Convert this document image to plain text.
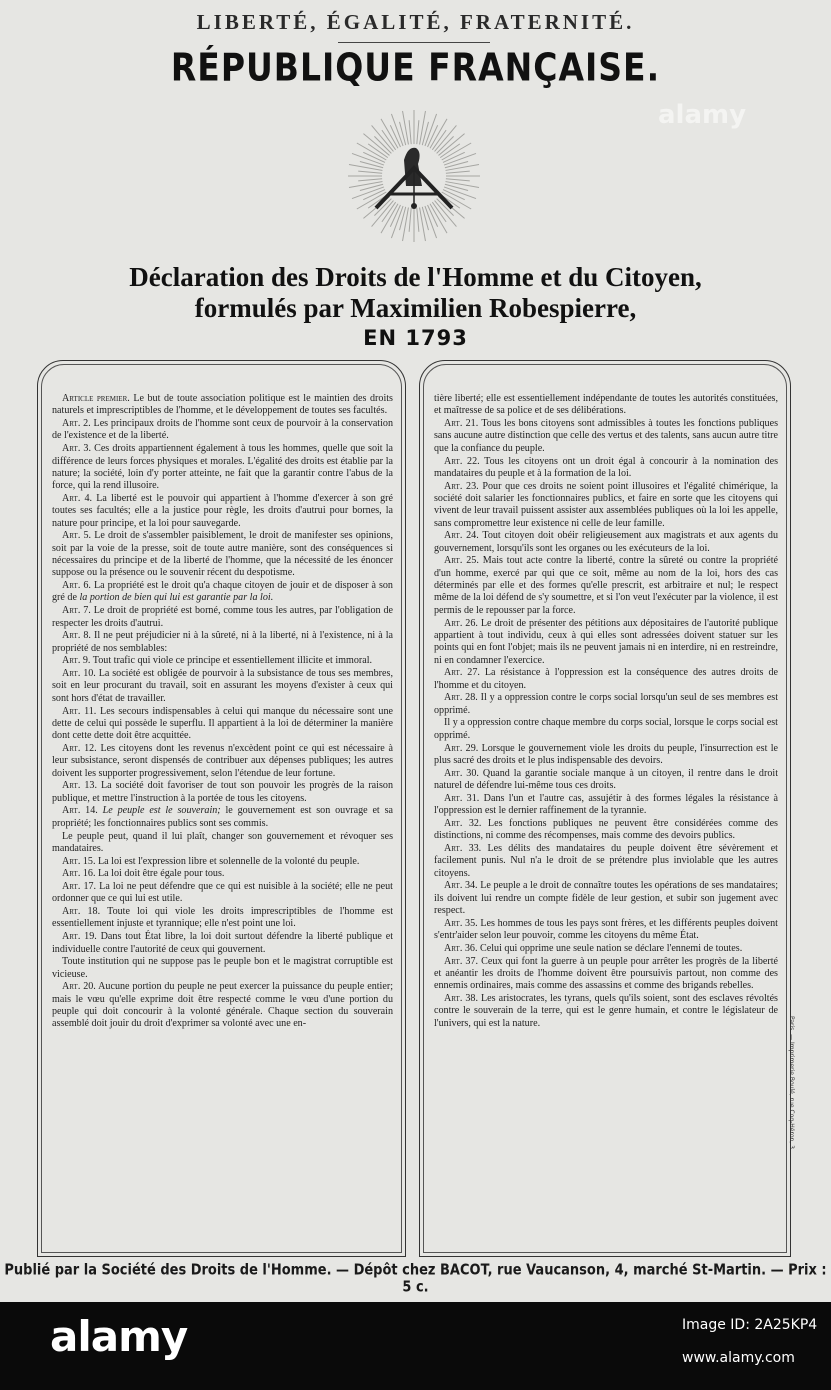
LIBERTÉ, ÉGALITÉ, FRATERNITÉ.
RÉPUBLIQUE FRANÇAISE.
alamy
Déclaration des Droits de l'Homme et du Citoyen,
formulés par Maximilien Robespierre,
EN 1793

Article premier. Le but de toute association politique est le maintien des droits naturels et imprescriptibles de l'homme, et le développement de toutes ses facultés.

Art. 2. Les principaux droits de l'homme sont ceux de pourvoir à la conservation de l'existence et de la liberté.

Art. 3. Ces droits appartiennent également à tous les hommes, quelle que soit la différence de leurs forces physiques et morales. L'égalité des droits est établie par la nature; la société, loin d'y porter atteinte, ne fait que la garantir contre l'abus de la force, qui la rend illusoire.

Art. 4. La liberté est le pouvoir qui appartient à l'homme d'exercer à son gré toutes ses facultés; elle a la justice pour règle, les droits d'autrui pour bornes, la nature pour principe, et la loi pour sauvegarde.

Art. 5. Le droit de s'assembler paisiblement, le droit de manifester ses opinions, soit par la voie de la presse, soit de toute autre manière, sont des conséquences si nécessaires du principe et de la liberté de l'homme, que la nécessité de les énoncer suppose ou la présence ou le souvenir récent du despotisme.

Art. 6. La propriété est le droit qu'a chaque citoyen de jouir et de disposer à son gré de la portion de bien qui lui est garantie par la loi.

Art. 7. Le droit de propriété est borné, comme tous les autres, par l'obligation de respecter les droits d'autrui.

Art. 8. Il ne peut préjudicier ni à la sûreté, ni à la liberté, ni à l'existence, ni à la propriété de nos semblables:

Art. 9. Tout trafic qui viole ce principe et essentiellement illicite et immoral.

Art. 10. La société est obligée de pourvoir à la subsistance de tous ses membres, soit en leur procurant du travail, soit en assurant les moyens d'exister à ceux qui sont hors d'état de travailler.

Art. 11. Les secours indispensables à celui qui manque du nécessaire sont une dette de celui qui possède le superflu. Il appartient à la loi de déterminer la manière dont cette dette doit être acquittée.

Art. 12. Les citoyens dont les revenus n'excèdent point ce qui est nécessaire à leur subsistance, seront dispensés de contribuer aux dépenses publiques; les autres doivent les supporter progressivement, selon l'étendue de leur fortune.

Art. 13. La société doit favoriser de tout son pouvoir les progrès de la raison publique, et mettre l'instruction à la portée de tous les citoyens.

Art. 14. Le peuple est le souverain; le gouvernement est son ouvrage et sa propriété; les fonctionnaires publics sont ses commis.

Le peuple peut, quand il lui plaît, changer son gouvernement et révoquer ses mandataires.

Art. 15. La loi est l'expression libre et solennelle de la volonté du peuple.

Art. 16. La loi doit être égale pour tous.

Art. 17. La loi ne peut défendre que ce qui est nuisible à la société; elle ne peut ordonner que ce qui lui est utile.

Art. 18. Toute loi qui viole les droits imprescriptibles de l'homme est essentiellement injuste et tyrannique; elle n'est point une loi.

Art. 19. Dans tout État libre, la loi doit surtout défendre la liberté publique et individuelle contre l'autorité de ceux qui gouvernent.

Toute institution qui ne suppose pas le peuple bon et le magistrat corruptible est vicieuse.

Art. 20. Aucune portion du peuple ne peut exercer la puissance du peuple entier; mais le vœu qu'elle exprime doit être respecté comme le vœu d'une portion du peuple qui doit concourir à la volonté générale. Chaque section du souverain assemblé doit jouir du droit d'exprimer sa volonté avec une en-

tière liberté; elle est essentiellement indépendante de toutes les autorités constituées, et maîtresse de sa police et de ses délibérations.

Art. 21. Tous les bons citoyens sont admissibles à toutes les fonctions publiques sans aucune autre distinction que celle des vertus et des talents, sans aucun autre titre que la confiance du peuple.

Art. 22. Tous les citoyens ont un droit égal à concourir à la nomination des mandataires du peuple et à la formation de la loi.

Art. 23. Pour que ces droits ne soient point illusoires et l'égalité chimérique, la société doit salarier les fonctionnaires publics, et faire en sorte que les citoyens qui vivent de leur travail puissent assister aux assemblées publiques où la loi les appelle, sans compromettre leur existence ni celle de leur famille.

Art. 24. Tout citoyen doit obéir religieusement aux magistrats et aux agents du gouvernement, lorsqu'ils sont les organes ou les exécuteurs de la loi.

Art. 25. Mais tout acte contre la liberté, contre la sûreté ou contre la propriété d'un homme, exercé par qui que ce soit, même au nom de la loi, hors des cas déterminés par elle et des formes qu'elle prescrit, est arbitraire et nul; le respect même de la loi défend de s'y soumettre, et si l'on veut l'exécuter par la violence, il est permis de le repousser par la force.

Art. 26. Le droit de présenter des pétitions aux dépositaires de l'autorité publique appartient à tout individu, ceux à qui elles sont adressées doivent statuer sur les points qui en font l'objet; mais ils ne peuvent jamais ni en interdire, ni en restreindre, ni en condamner l'exercice.

Art. 27. La résistance à l'oppression est la conséquence des autres droits de l'homme et du citoyen.

Art. 28. Il y a oppression contre le corps social lorsqu'un seul de ses membres est opprimé.

Il y a oppression contre chaque membre du corps social, lorsque le corps social est opprimé.

Art. 29. Lorsque le gouvernement viole les droits du peuple, l'insurrection est le plus sacré des droits et le plus indispensable des devoirs.

Art. 30. Quand la garantie sociale manque à un citoyen, il rentre dans le droit naturel de défendre lui-même tous ces droits.

Art. 31. Dans l'un et l'autre cas, assujétir à des formes légales la résistance à l'oppression est le dernier raffinement de la tyrannie.

Art. 32. Les fonctions publiques ne peuvent être considérées comme des distinctions, ni comme des récompenses, mais comme des devoirs publics.

Art. 33. Les délits des mandataires du peuple doivent être sévèrement et facilement punis. Nul n'a le droit de se prétendre plus inviolable que les autres citoyens.

Art. 34. Le peuple a le droit de connaître toutes les opérations de ses mandataires; ils doivent lui rendre un compte fidèle de leur gestion, et subir son jugement avec respect.

Art. 35. Les hommes de tous les pays sont frères, et les différents peuples doivent s'entr'aider selon leur pouvoir, comme les citoyens du même État.

Art. 36. Celui qui opprime une seule nation se déclare l'ennemi de toutes.

Art. 37. Ceux qui font la guerre à un peuple pour arrêter les progrès de la liberté et anéantir les droits de l'homme doivent être poursuivis partout, non comme des ennemis ordinaires, mais comme des assassins et comme des brigands rebelles.

Art. 38. Les aristocrates, les tyrans, quels qu'ils soient, sont des esclaves révoltés contre le souverain de la terre, qui est le genre humain, et contre le législateur de l'univers, qui est la nature.	Paris. — Imprimerie Boulé, rue Coq-Héron, 3.
Publié par la Société des Droits de l'Homme. — Dépôt chez BACOT, rue Vaucanson, 4, marché St-Martin. — Prix : 5 c.
alamy	Image ID: 2A25KP4
www.alamy.com
